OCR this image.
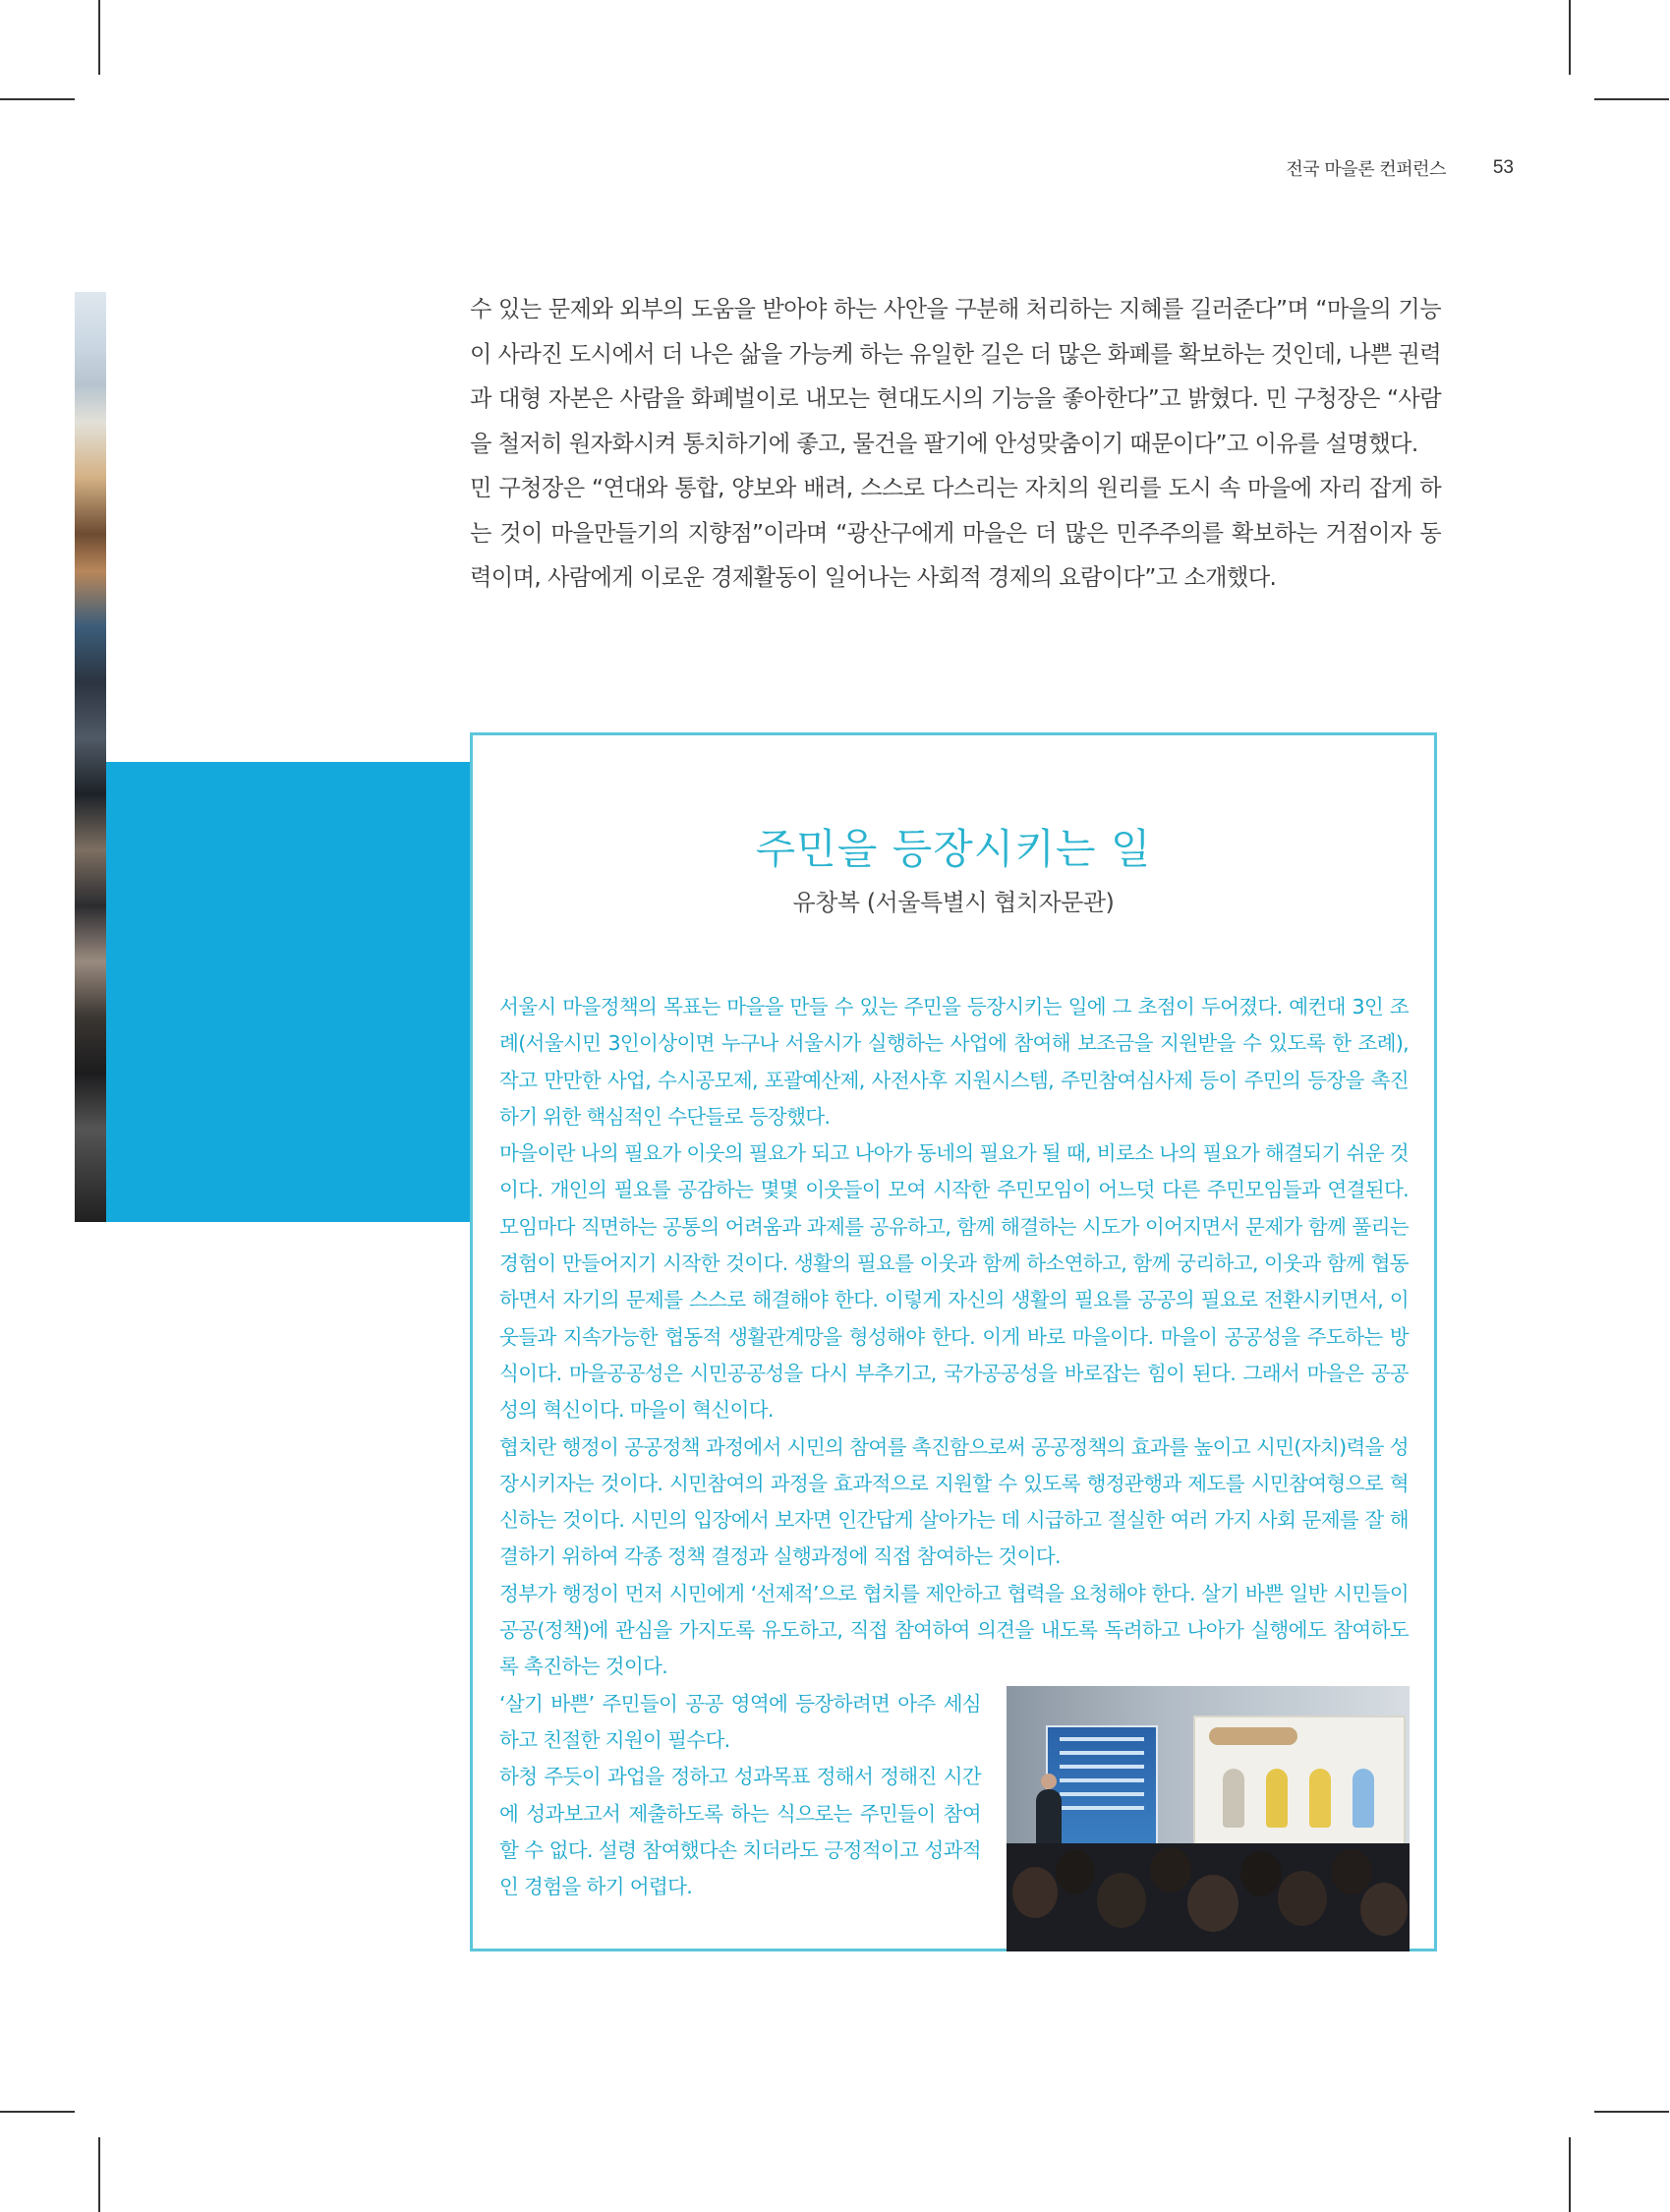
전국 마을론 컨퍼런스	53

수 있는 문제와 외부의 도움을 받아야 하는 사안을 구분해 처리하는 지혜를 길러준다”며 “마을의 기능이 사라진 도시에서 더 나은 삶을 가능케 하는 유일한 길은 더 많은 화폐를 확보하는 것인데, 나쁜 권력과 대형 자본은 사람을 화폐벌이로 내모는 현대도시의 기능을 좋아한다”고 밝혔다. 민 구청장은 “사람을 철저히 원자화시켜 통치하기에 좋고, 물건을 팔기에 안성맞춤이기 때문이다”고 이유를 설명했다.

민 구청장은 “연대와 통합, 양보와 배려, 스스로 다스리는 자치의 원리를 도시 속 마을에 자리 잡게 하는 것이 마을만들기의 지향점”이라며 “광산구에게 마을은 더 많은 민주주의를 확보하는 거점이자 동력이며, 사람에게 이로운 경제활동이 일어나는 사회적 경제의 요람이다”고 소개했다.

주민을 등장시키는 일
유창복 (서울특별시 협치자문관)

서울시 마을정책의 목표는 마을을 만들 수 있는 주민을 등장시키는 일에 그 초점이 두어졌다. 예컨대 3인 조례(서울시민 3인이상이면 누구나 서울시가 실행하는 사업에 참여해 보조금을 지원받을 수 있도록 한 조례), 작고 만만한 사업, 수시공모제, 포괄예산제, 사전사후 지원시스템, 주민참여심사제 등이 주민의 등장을 촉진하기 위한 핵심적인 수단들로 등장했다.

마을이란 나의 필요가 이웃의 필요가 되고 나아가 동네의 필요가 될 때, 비로소 나의 필요가 해결되기 쉬운 것이다. 개인의 필요를 공감하는 몇몇 이웃들이 모여 시작한 주민모임이 어느덧 다른 주민모임들과 연결된다. 모임마다 직면하는 공통의 어려움과 과제를 공유하고, 함께 해결하는 시도가 이어지면서 문제가 함께 풀리는 경험이 만들어지기 시작한 것이다. 생활의 필요를 이웃과 함께 하소연하고, 함께 궁리하고, 이웃과 함께 협동하면서 자기의 문제를 스스로 해결해야 한다. 이렇게 자신의 생활의 필요를 공공의 필요로 전환시키면서, 이웃들과 지속가능한 협동적 생활관계망을 형성해야 한다. 이게 바로 마을이다. 마을이 공공성을 주도하는 방식이다. 마을공공성은 시민공공성을 다시 부추기고, 국가공공성을 바로잡는 힘이 된다. 그래서 마을은 공공성의 혁신이다. 마을이 혁신이다.

협치란 행정이 공공정책 과정에서 시민의 참여를 촉진함으로써 공공정책의 효과를 높이고 시민(자치)력을 성장시키자는 것이다. 시민참여의 과정을 효과적으로 지원할 수 있도록 행정관행과 제도를 시민참여형으로 혁신하는 것이다. 시민의 입장에서 보자면 인간답게 살아가는 데 시급하고 절실한 여러 가지 사회 문제를 잘 해결하기 위하여 각종 정책 결정과 실행과정에 직접 참여하는 것이다.

정부가 행정이 먼저 시민에게 ‘선제적’으로 협치를 제안하고 협력을 요청해야 한다. 살기 바쁜 일반 시민들이 공공(정책)에 관심을 가지도록 유도하고, 직접 참여하여 의견을 내도록 독려하고 나아가 실행에도 참여하도록 촉진하는 것이다.

‘살기 바쁜’ 주민들이 공공 영역에 등장하려면 아주 세심하고 친절한 지원이 필수다.

하청 주듯이 과업을 정하고 성과목표 정해서 정해진 시간에 성과보고서 제출하도록 하는 식으로는 주민들이 참여할 수 없다. 설령 참여했다손 치더라도 긍정적이고 성과적인 경험을 하기 어렵다.
